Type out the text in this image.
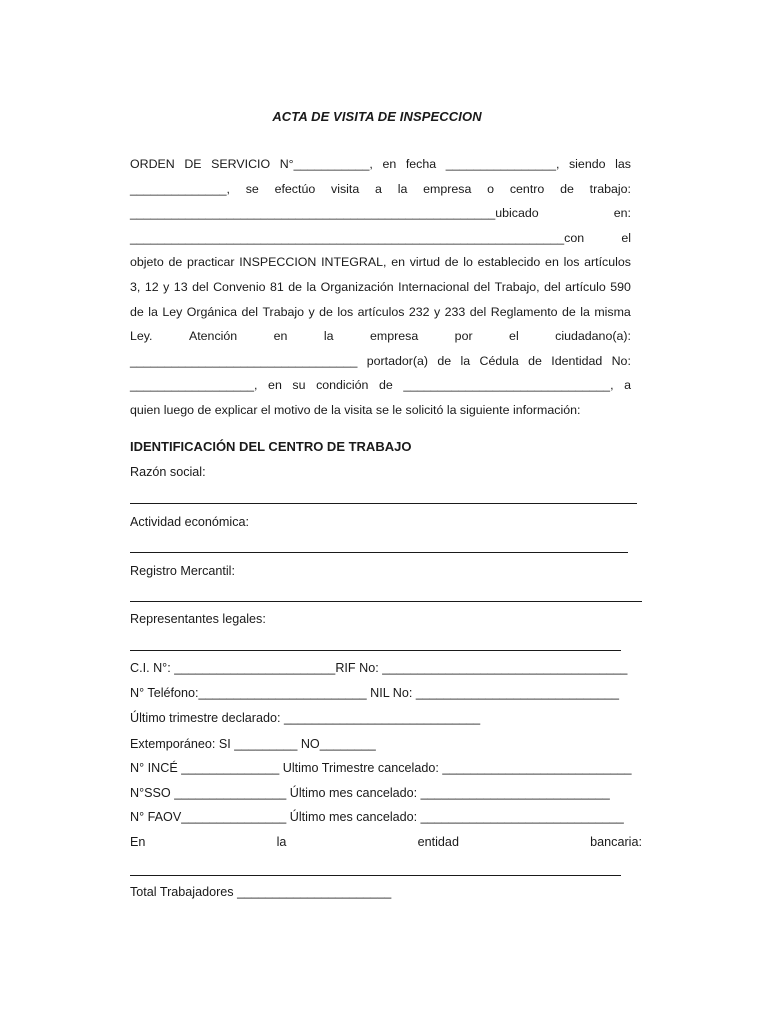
ACTA DE VISITA DE INSPECCION
ORDEN DE SERVICIO N°___________, en fecha ________________, siendo las
______________, se efectúo visita a la empresa o centro de trabajo:
_____________________________________________________ubicado	en:
_______________________________________________________________con	el
objeto de practicar INSPECCION INTEGRAL, en virtud de lo establecido en los artículos
3, 12 y 13 del Convenio 81 de la Organización Internacional del Trabajo, del artículo 590
de la Ley Orgánica del Trabajo y de los artículos 232 y 233 del Reglamento de la misma
Ley.	Atención	en	la	empresa	por	el	ciudadano(a):
_________________________________ portador(a) de la Cédula de Identidad No:
__________________, en su condición de ______________________________, a
quien luego de explicar el motivo de la visita se le solicitó la siguiente información:
IDENTIFICACIÓN DEL CENTRO DE TRABAJO
Razón social:
Actividad económica:
Registro Mercantil:
Representantes legales:
C.I. N°: _______________________RIF No: ___________________________________
N° Teléfono:________________________ NIL No: _____________________________
Último trimestre declarado: ____________________________
Extemporáneo: SI _________ NO________
N° INCÉ ______________ Ultimo Trimestre cancelado: ___________________________
N°SSO ________________ Último mes cancelado: ___________________________
N° FAOV_______________ Último mes cancelado: _____________________________
En	la	entidad	bancaria:
Total Trabajadores ______________________
